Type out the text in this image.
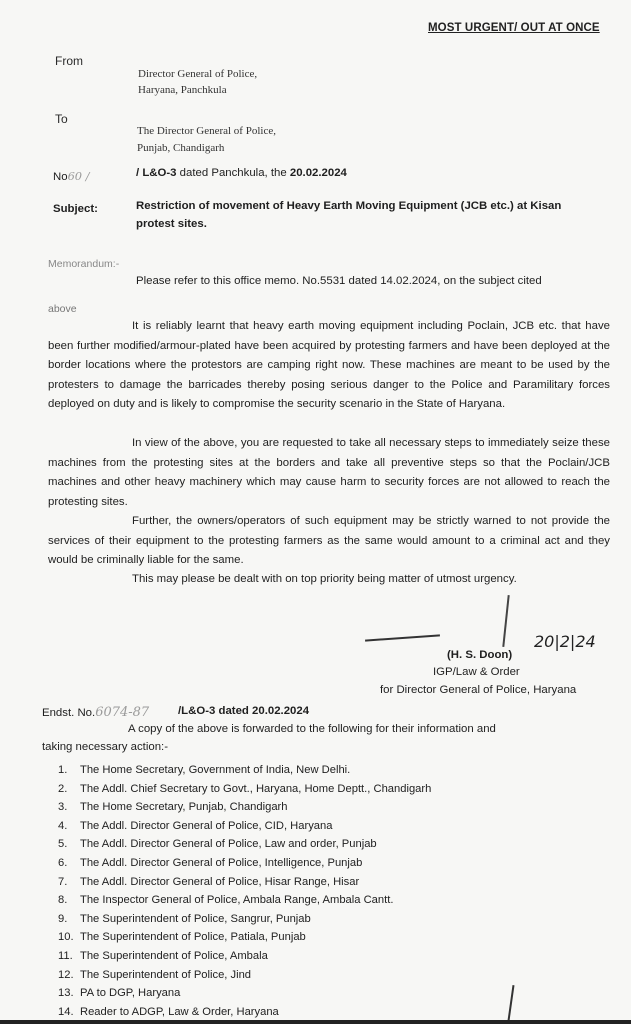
MOST URGENT/ OUT AT ONCE
From
Director General of Police,
Haryana, Panchkula
To
The Director General of Police,
Punjab, Chandigarh
No60 /	/ L&O-3 dated Panchkula, the 20.02.2024
Subject:	Restriction of movement of Heavy Earth Moving Equipment (JCB etc.) at Kisan
protest sites.
Memorandum:-
Please refer to this office memo. No.5531 dated 14.02.2024, on the subject cited
above
It is reliably learnt that heavy earth moving equipment including Poclain, JCB etc. that have been further modified/armour-plated have been acquired by protesting farmers and have been deployed at the border locations where the protestors are camping right now. These machines are meant to be used by the protesters to damage the barricades thereby posing serious danger to the Police and Paramilitary forces deployed on duty and is likely to compromise the security scenario in the State of Haryana.
In view of the above, you are requested to take all necessary steps to immediately seize these machines from the protesting sites at the borders and take all preventive steps so that the Poclain/JCB machines and other heavy machinery which may cause harm to security forces are not allowed to reach the protesting sites.
Further, the owners/operators of such equipment may be strictly warned to not provide the services of their equipment to the protesting farmers as the same would amount to a criminal act and they would be criminally liable for the same.
This may please be dealt with on top priority being matter of utmost urgency.
20|2|24
(H. S. Doon)
IGP/Law & Order
for Director General of Police, Haryana
Endst. No.6074-87	/L&O-3 dated 20.02.2024
A copy of the above is forwarded to the following for their information and
taking necessary action:-
1. The Home Secretary, Government of India, New Delhi.
2. The Addl. Chief Secretary to Govt., Haryana, Home Deptt., Chandigarh
3. The Home Secretary, Punjab, Chandigarh
4. The Addl. Director General of Police, CID, Haryana
5. The Addl. Director General of Police, Law and order, Punjab
6. The Addl. Director General of Police, Intelligence, Punjab
7. The Addl. Director General of Police, Hisar Range, Hisar
8. The Inspector General of Police, Ambala Range, Ambala Cantt.
9. The Superintendent of Police, Sangrur, Punjab
10. The Superintendent of Police, Patiala, Punjab
11. The Superintendent of Police, Ambala
12. The Superintendent of Police, Jind
13. PA to DGP, Haryana
14. Reader to ADGP, Law & Order, Haryana
